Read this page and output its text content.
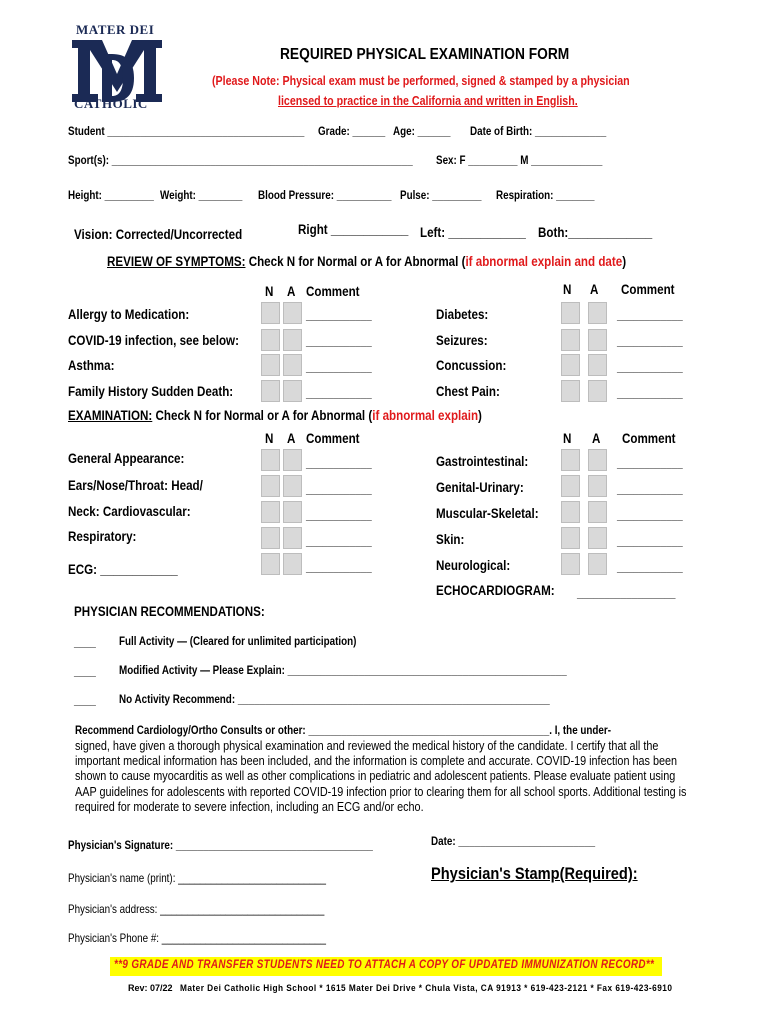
MATER DEI
CATHOLIC
REQUIRED PHYSICAL EXAMINATION FORM
(Please Note: Physical exam must be performed, signed & stamped by a physician
licensed to practice in the California and written in English.
Student ____________________________________ Grade: ______ Age: ______ Date of Birth: _____________
Sport(s): _______________________________________________________ Sex: F _________ M _____________
Height: _________ Weight: ________ Blood Pressure: __________ Pulse: _________ Respiration: _______
Vision: Corrected/Uncorrected	Right ____________ Left: ____________ Both:_____________
REVIEW OF SYMPTOMS: Check N for Normal or A for Abnormal (if abnormal explain and date)
N A Comment	N A Comment
Allergy to Medication:	____________
COVID-19 infection, see below:	____________
Asthma:	____________
Family History Sudden Death:	____________
Diabetes:	____________
Seizures:	____________
Concussion:	____________
Chest Pain:	____________
EXAMINATION: Check N for Normal or A for Abnormal (if abnormal explain)
N A Comment	N A Comment
General Appearance:	____________
Ears/Nose/Throat: Head/	____________
Neck: Cardiovascular:	____________
Respiratory:	____________
ECG: ____________	____________
Gastrointestinal:	____________
Genital-Urinary:	____________
Muscular-Skeletal:	____________
Skin:	____________
Neurological:	____________
ECHOCARDIOGRAM: __________________
PHYSICIAN RECOMMENDATIONS:
____ Full Activity — (Cleared for unlimited participation)
____ Modified Activity — Please Explain: ___________________________________________________
____ No Activity Recommend: _________________________________________________________
Recommend Cardiology/Ortho Consults or other: ____________________________________________. I, the under-
signed, have given a thorough physical examination and reviewed the medical history of the candidate. I certify that all the important medical information has been included, and the information is complete and accurate. COVID-19 infection has been shown to cause myocarditis as well as other complications in pediatric and adolescent patients. Please evaluate patient using AAP guidelines for adolescents with reported COVID-19 infection prior to clearing them for all school sports. Additional testing is required for moderate to severe infection, including an ECG and/or echo.
Physician's Signature: ____________________________________	Date: _________________________
Physician's name (print): ___________________________	Physician's Stamp(Required):
Physician's address: ______________________________
Physician's Phone #: ______________________________
**9 GRADE AND TRANSFER STUDENTS NEED TO ATTACH A COPY OF UPDATED IMMUNIZATION RECORD**
Rev: 07/22 Mater Dei Catholic High School * 1615 Mater Dei Drive * Chula Vista, CA 91913 * 619-423-2121 * Fax 619-423-6910
